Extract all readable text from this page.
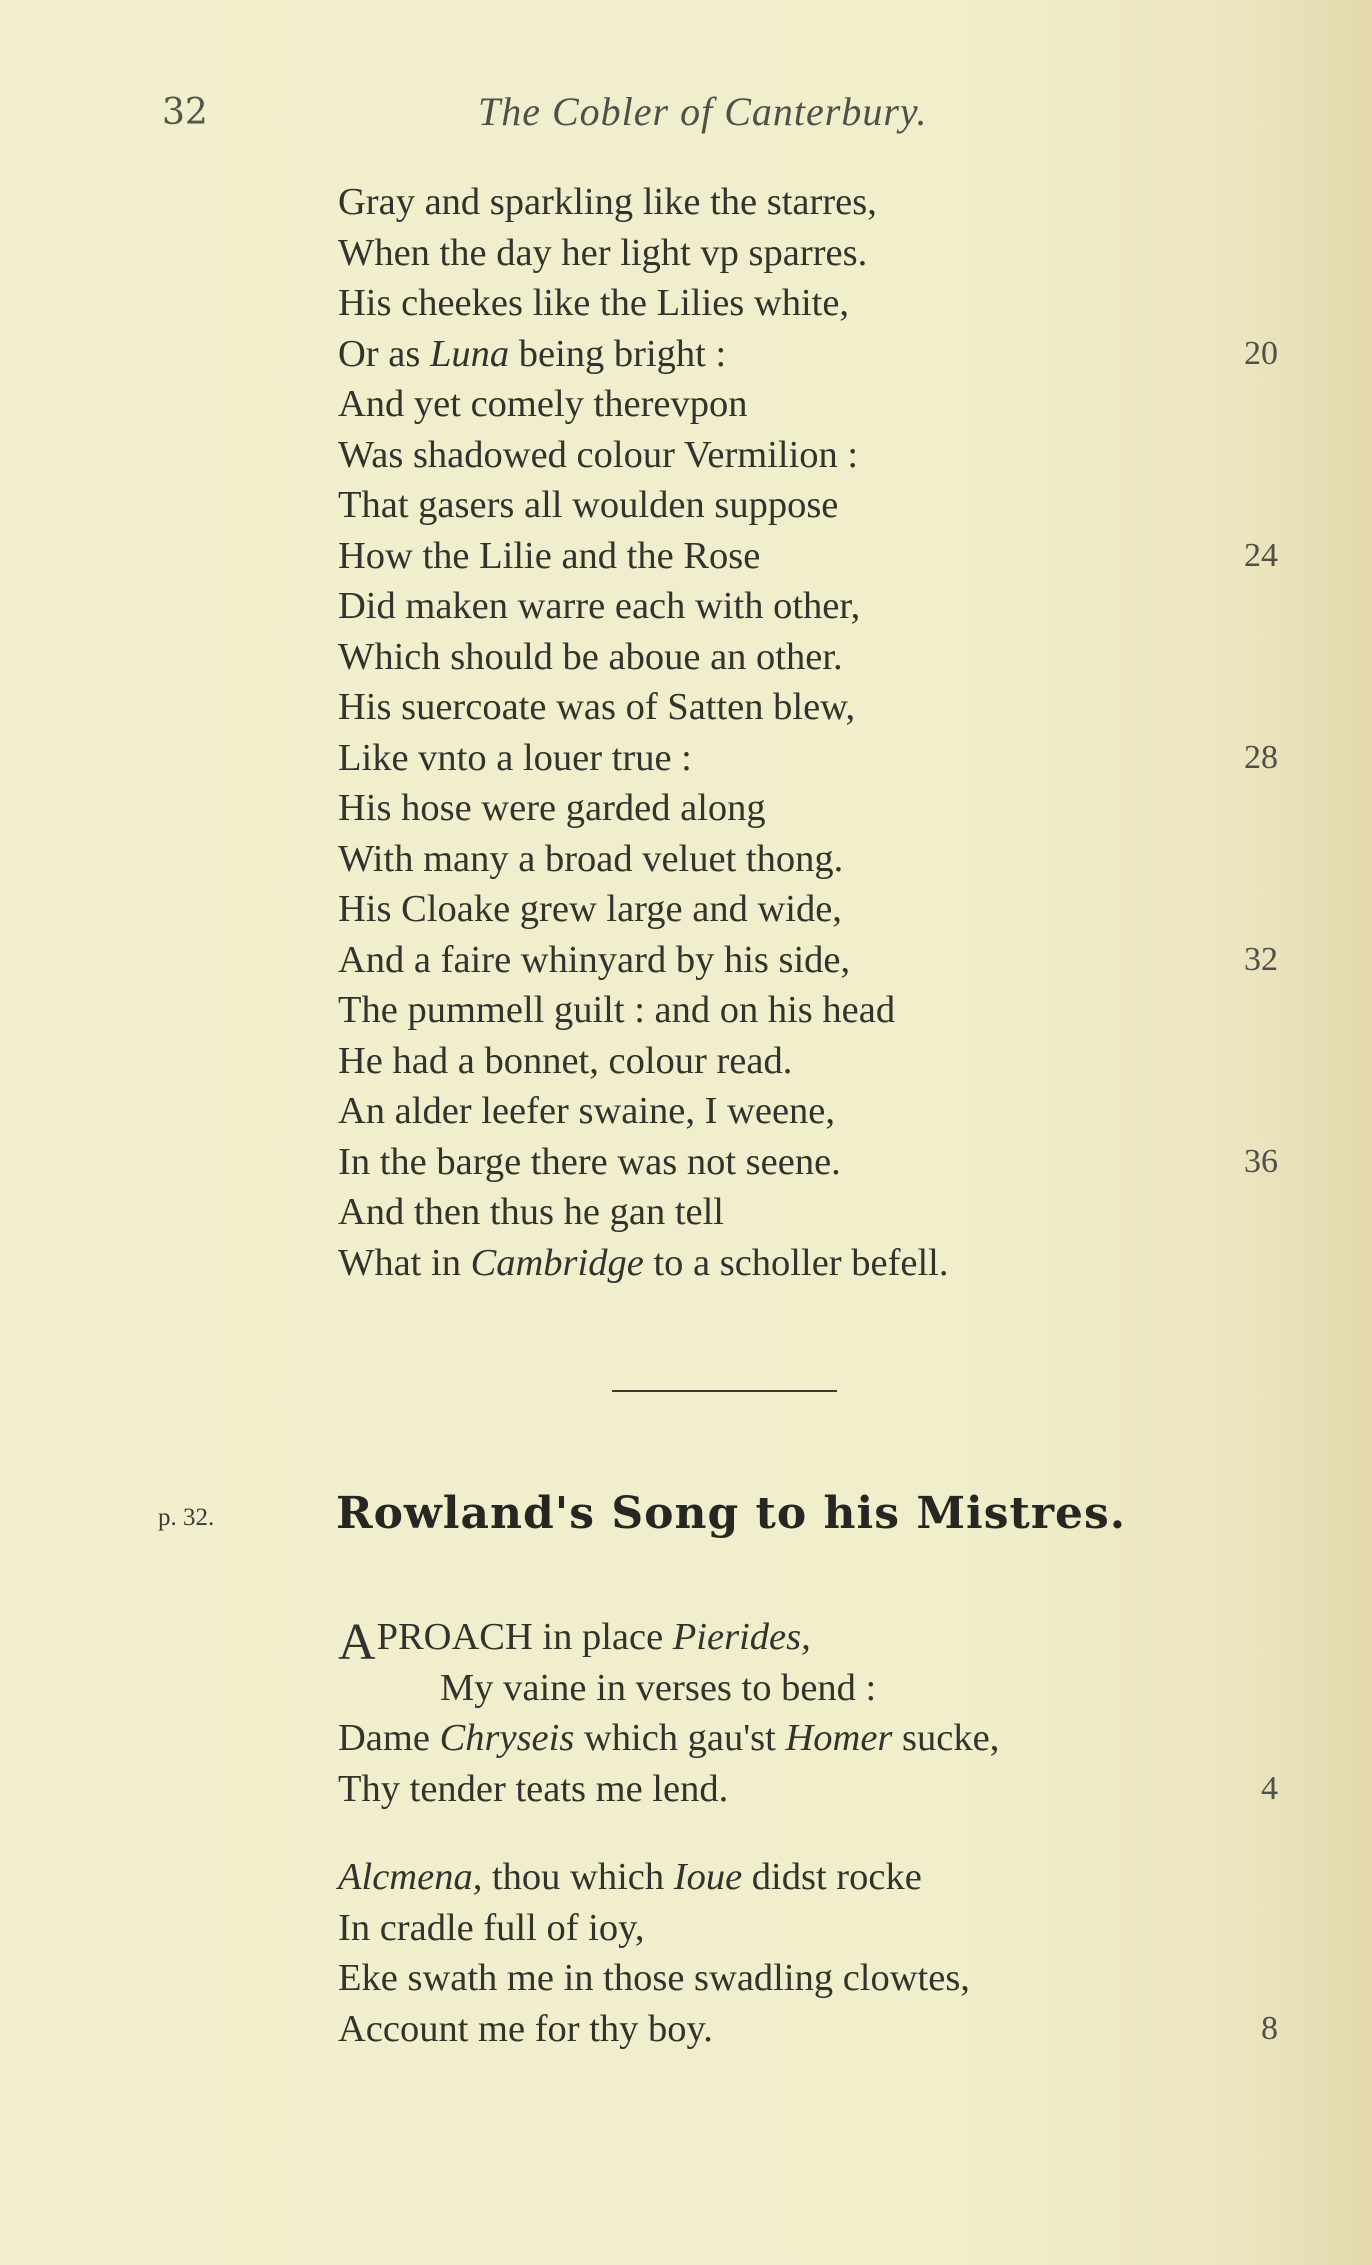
32	The Cobler of Canterbury.
Gray and sparkling like the starres,
When the day her light vp sparres.
His cheekes like the Lilies white,
Or as Luna being bright :	20
And yet comely therevpon
Was shadowed colour Vermilion :
That gasers all woulden suppose
How the Lilie and the Rose	24
Did maken warre each with other,
Which should be aboue an other.
His suercoate was of Satten blew,
Like vnto a louer true :	28
His hose were garded along
With many a broad veluet thong.
His Cloake grew large and wide,
And a faire whinyard by his side,	32
The pummell guilt : and on his head
He had a bonnet, colour read.
An alder leefer swaine, I weene,
In the barge there was not seene.	36
And then thus he gan tell
What in Cambridge to a scholler befell.
p. 32.	Rowland's Song to his Mistres.
APROACH in place Pierides,
My vaine in verses to bend :
Dame Chryseis which gau'st Homer sucke,
Thy tender teats me lend.	4
Alcmena, thou which Ioue didst rocke
In cradle full of ioy,
Eke swath me in those swadling clowtes,
Account me for thy boy.	8
